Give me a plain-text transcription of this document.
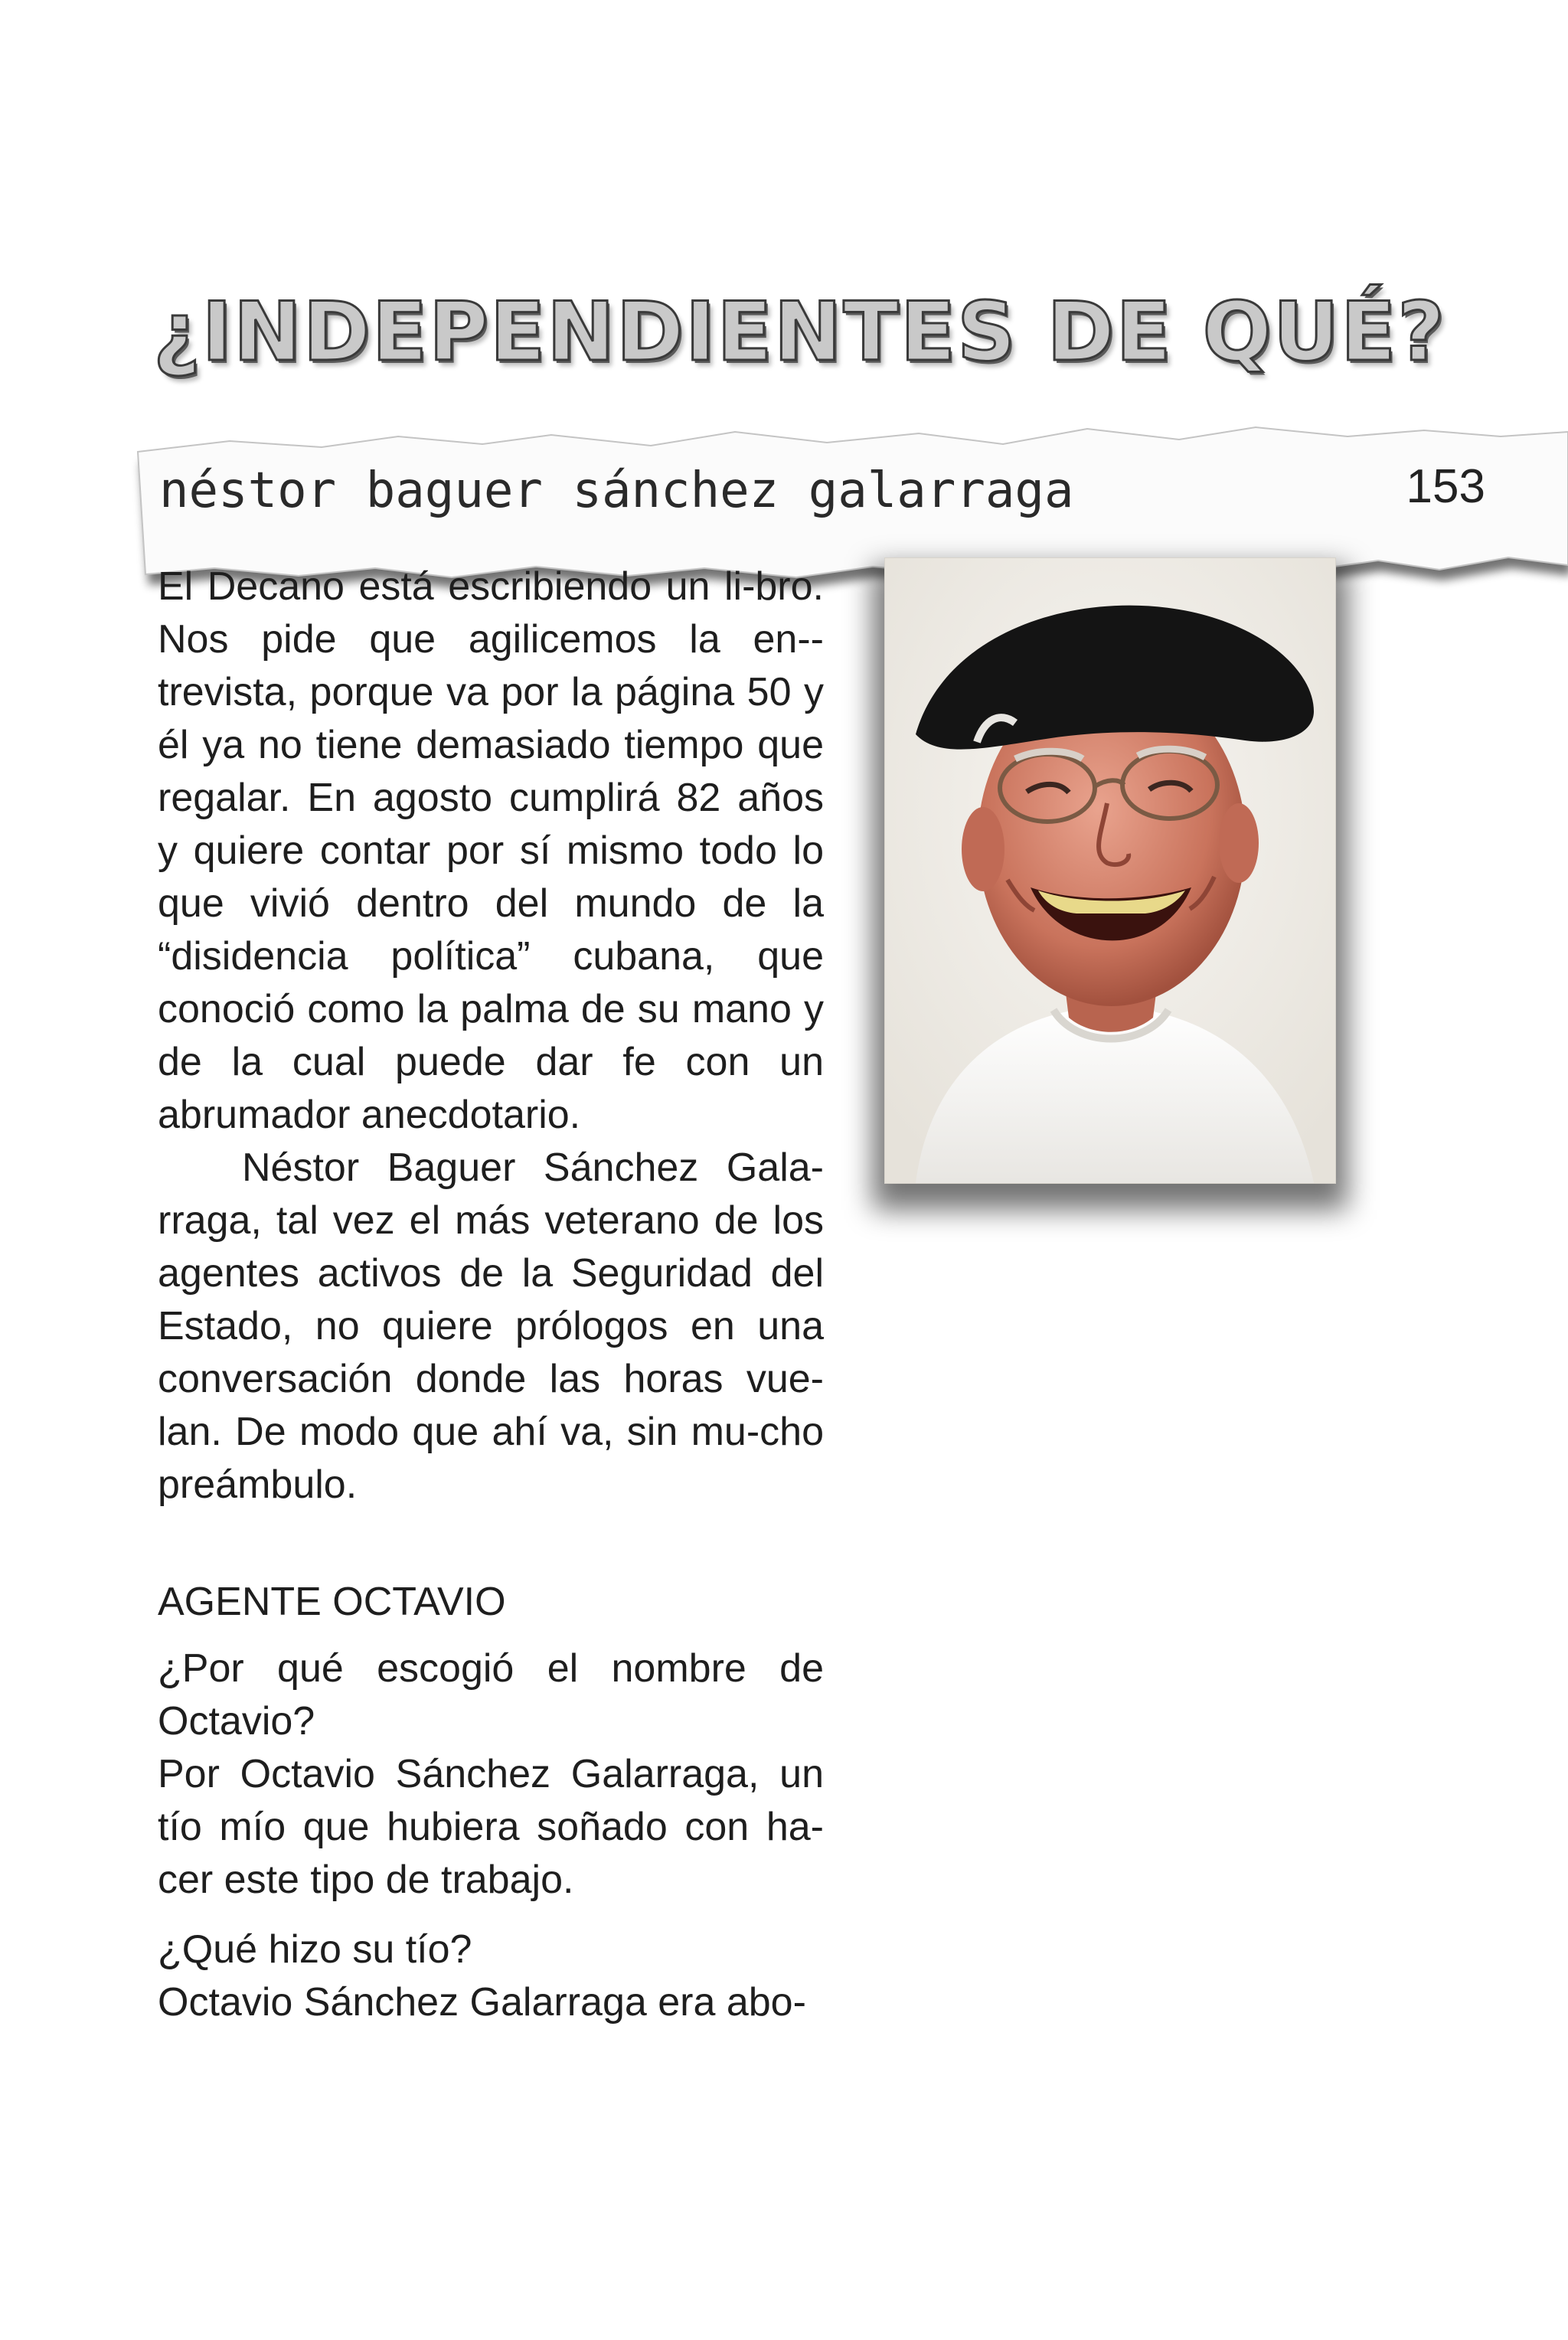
¿INDEPENDIENTES DE QUÉ?

néstor baguer sánchez galarraga	153

El Decano está escribiendo un li-bro. Nos pide que agilicemos la en-trevista, porque va por la página 50 y él ya no tiene demasiado tiempo que regalar. En agosto cumplirá 82 años y quiere contar por sí mismo todo lo que vivió dentro del mundo de la “disidencia política” cubana, que conoció como la palma de su mano y de la cual puede dar fe con un abrumador anecdotario.

Néstor Baguer Sánchez Gala-rraga, tal vez el más veterano de los agentes activos de la Seguridad del Estado, no quiere prólogos en una conversación donde las horas vue-lan. De modo que ahí va, sin mu-cho preámbulo.

AGENTE OCTAVIO

¿Por qué escogió el nombre de Octavio?

Por Octavio Sánchez Galarraga, un tío mío que hubiera soñado con ha-cer este tipo de trabajo.

¿Qué hizo su tío?

Octavio Sánchez Galarraga era abo-
